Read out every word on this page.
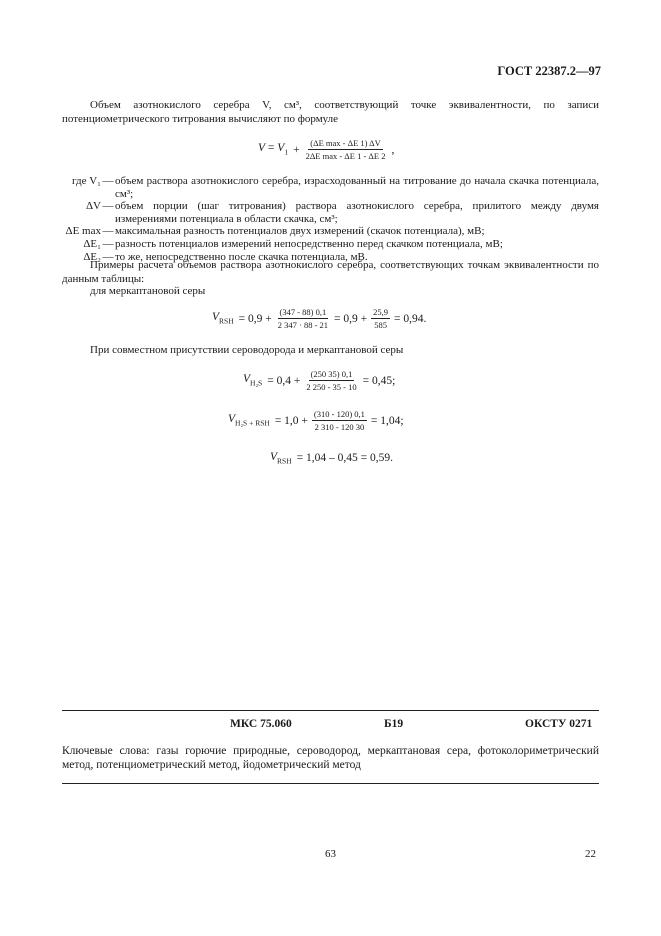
ГОСТ 22387.2—97
Объем азотнокислого серебра V, см³, соответствующий точке эквивалентности, по записи потенциометрического титрования вычисляют по формуле
$V = V_1 + \frac{\text{(ΔE max - ΔE 1) ΔV}}{\text{2ΔE max - ΔE 1 - ΔE 2}}$ ,
где V₁ — объем раствора азотнокислого серебра, израсходованный на титрование до начала скачка потенциала, см³;
ΔV — объем порции (шаг титрования) раствора азотнокислого серебра, прилитого между двумя измерениями потенциала в области скачка, см³;
ΔE max — максимальная разность потенциалов двух измерений (скачок потенциала), мВ;
ΔE₁ — разность потенциалов измерений непосредственно перед скачком потенциала, мВ;
ΔE₂ — то же, непосредственно после скачка потенциала, мВ.
Примеры расчета объемов раствора азотнокислого серебра, соответствующих точкам эквивалентности по данным таблицы:
для меркаптановой серы
$V_{RSH} = 0,9 + \frac{(347 - 88) 0,1}{2 347 \cdot 88 - 21} = 0,9 + \frac{25,9}{585} = 0,94$.
При совместном присутствии сероводорода и меркаптановой серы
$V_{H_2S} = 0,4 + \frac{(250 35) 0,1}{2 250 - 35 - 10} = 0,45$;
$V_{H_2S + RSH} = 1,0 + \frac{(310 - 120) 0,1}{2 310 - 120 30} = 1,04$;
$V_{RSH} = 1,04 - 0,45 = 0,59$.
МКС 75.060	Б19	ОКСТУ 0271
Ключевые слова: газы горючие природные, сероводород, меркаптановая сера, фотоколориметрический метод, потенциометрический метод, йодометрический метод
63	22
